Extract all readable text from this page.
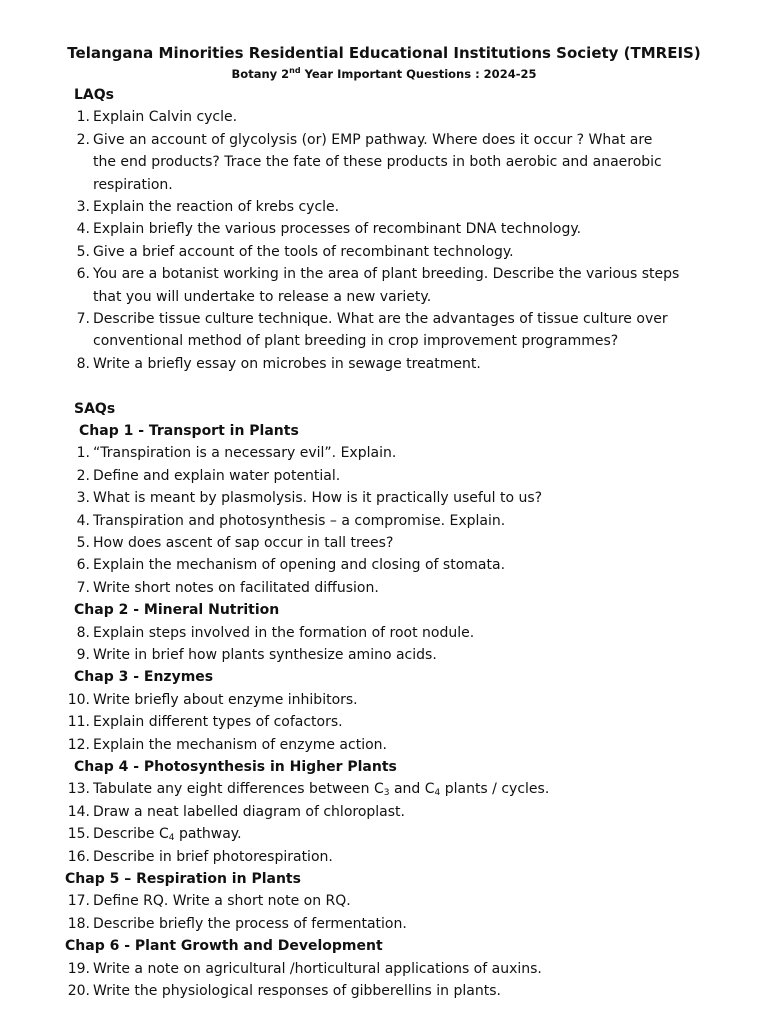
Telangana Minorities Residential Educational Institutions Society (TMREIS)
Botany 2nd Year Important Questions : 2024-25
LAQs
1. Explain Calvin cycle.
2. Give an account of glycolysis (or) EMP pathway. Where does it occur ? What are
the end products? Trace the fate of these products in both aerobic and anaerobic
respiration.
3. Explain the reaction of krebs cycle.
4. Explain briefly the various processes of recombinant DNA technology.
5. Give a brief account of the tools of recombinant technology.
6. You are a botanist working in the area of plant breeding. Describe the various steps
that you will undertake to release a new variety.
7. Describe tissue culture technique. What are the advantages of tissue culture over
conventional method of plant breeding in crop improvement programmes?
8. Write a briefly essay on microbes in sewage treatment.
SAQs
Chap 1 - Transport in Plants
1. “Transpiration is a necessary evil”. Explain.
2. Define and explain water potential.
3. What is meant by plasmolysis. How is it practically useful to us?
4. Transpiration and photosynthesis – a compromise. Explain.
5. How does ascent of sap occur in tall trees?
6. Explain the mechanism of opening and closing of stomata.
7. Write short notes on facilitated diffusion.
Chap 2 - Mineral Nutrition
8. Explain steps involved in the formation of root nodule.
9. Write in brief how plants synthesize amino acids.
Chap 3 - Enzymes
10. Write briefly about enzyme inhibitors.
11. Explain different types of cofactors.
12. Explain the mechanism of enzyme action.
Chap 4 - Photosynthesis in Higher Plants
13. Tabulate any eight differences between $C_3$ and $C_4$ plants / cycles.
14. Draw a neat labelled diagram of chloroplast.
15. Describe $C_4$ pathway.
16. Describe in brief photorespiration.
Chap 5 – Respiration in Plants
17. Define RQ. Write a short note on RQ.
18. Describe briefly the process of fermentation.
Chap 6 - Plant Growth and Development
19. Write a note on agricultural /horticultural applications of auxins.
20. Write the physiological responses of gibberellins in plants.
